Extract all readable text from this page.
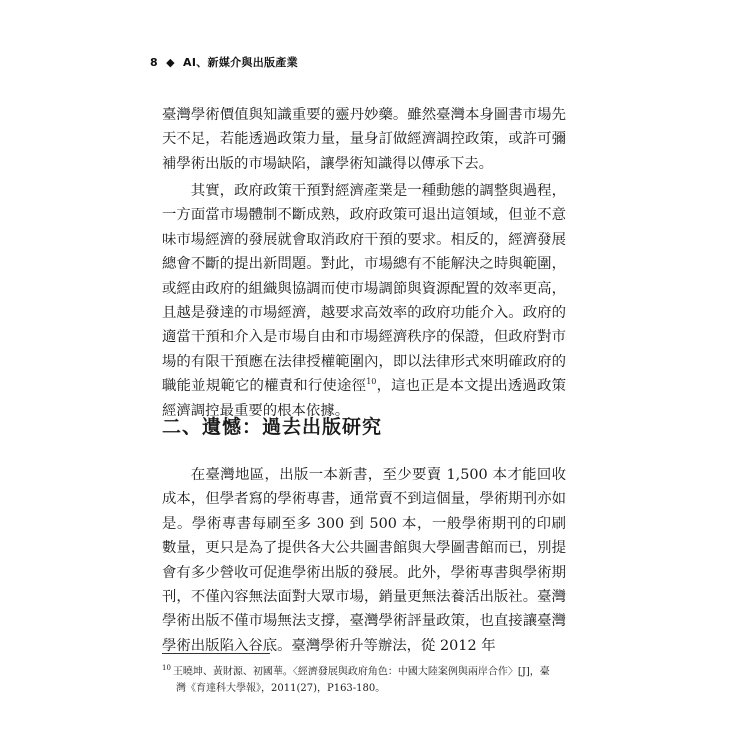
8 ◆ AI、新媒介與出版產業
臺灣學術價值與知識重要的靈丹妙藥。雖然臺灣本身圖書市場先天不足，若能透過政策力量，量身訂做經濟調控政策，或許可彌補學術出版的市場缺陷，讓學術知識得以傳承下去。
其實，政府政策干預對經濟產業是一種動態的調整與過程，一方面當市場體制不斷成熟，政府政策可退出這領域，但並不意味市場經濟的發展就會取消政府干預的要求。相反的，經濟發展總會不斷的提出新問題。對此，市場總有不能解決之時與範圍，或經由政府的組織與協調而使市場調節與資源配置的效率更高，且越是發達的市場經濟，越要求高效率的政府功能介入。政府的適當干預和介入是市場自由和市場經濟秩序的保證，但政府對市場的有限干預應在法律授權範圍內，即以法律形式來明確政府的職能並規範它的權責和行使途徑$^{10}$，這也正是本文提出透過政策經濟調控最重要的根本依據。
二、遺憾：過去出版研究
在臺灣地區，出版一本新書，至少要賣 1,500 本才能回收成本，但學者寫的學術專書，通常賣不到這個量，學術期刊亦如是。學術專書每刷至多 300 到 500 本，一般學術期刊的印刷數量，更只是為了提供各大公共圖書館與大學圖書館而已，別提會有多少營收可促進學術出版的發展。此外，學術專書與學術期刊，不僅內容無法面對大眾市場，銷量更無法養活出版社。臺灣學術出版不僅市場無法支撐，臺灣學術評量政策，也直接讓臺灣學術出版陷入谷底。臺灣學術升等辦法，從 2012 年
$^{10}$ 王曉坤、黃財源、初國華。〈經濟發展與政府角色：中國大陸案例與兩岸合作〉[J]，臺
灣《育達科大學報》，2011(27)，P163-180。
